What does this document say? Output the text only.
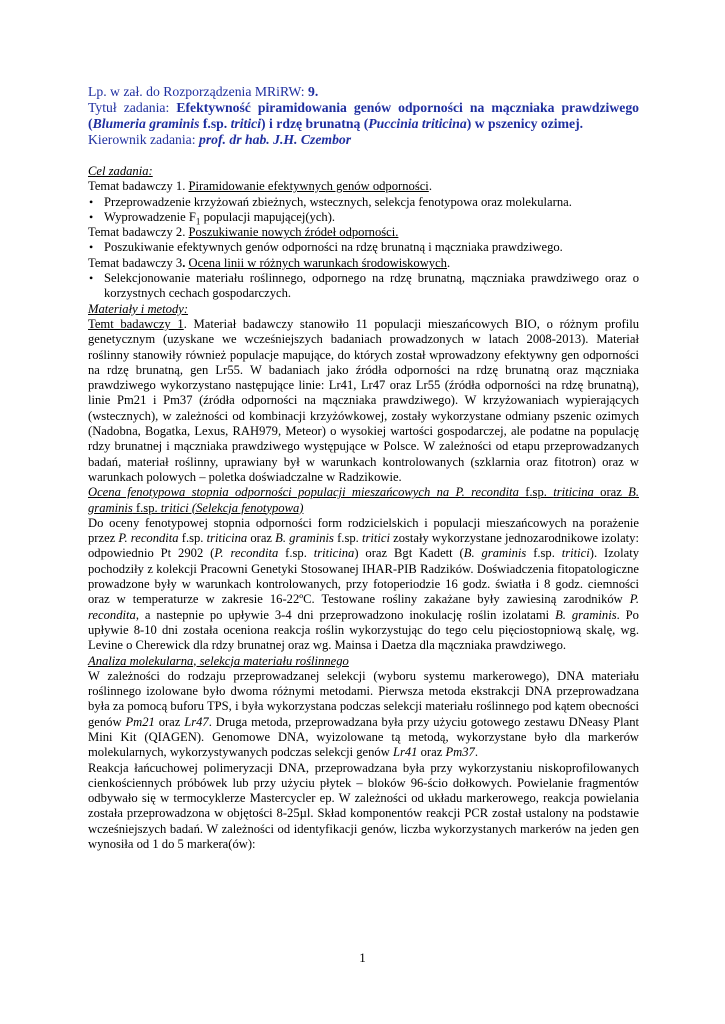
Lp. w zał. do Rozporządzenia MRiRW: 9.

Tytuł zadania: Efektywność piramidowania genów odporności na mączniaka prawdziwego (Blumeria graminis f.sp. tritici) i rdzę brunatną (Puccinia triticina) w pszenicy ozimej.

Kierownik zadania: prof. dr hab. J.H. Czembor

Cel zadania:

Temat badawczy 1. Piramidowanie efektywnych genów odporności.

• Przeprowadzenie krzyżowań zbieżnych, wstecznych, selekcja fenotypowa oraz molekularna.
• Wyprowadzenie $F_1$ populacji mapującej(ych).

Temat badawczy 2. Poszukiwanie nowych źródeł odporności.

• Poszukiwanie efektywnych genów odporności na rdzę brunatną i mączniaka prawdziwego.

Temat badawczy 3. Ocena linii w różnych warunkach środowiskowych.

• Selekcjonowanie materiału roślinnego, odpornego na rdzę brunatną, mączniaka prawdziwego oraz o korzystnych cechach gospodarczych.

Materiały i metody:

Temt badawczy 1. Materiał badawczy stanowiło 11 populacji mieszańcowych BIO, o różnym profilu genetycznym (uzyskane we wcześniejszych badaniach prowadzonych w latach 2008-2013). Materiał roślinny stanowiły również populacje mapujące, do których został wprowadzony efektywny gen odporności na rdzę brunatną, gen Lr55. W badaniach jako źródła odporności na rdzę brunatną oraz mączniaka prawdziwego wykorzystano następujące linie: Lr41, Lr47 oraz Lr55 (źródła odporności na rdzę brunatną), linie Pm21 i Pm37 (źródła odporności na mączniaka prawdziwego). W krzyżowaniach wypierających (wstecznych), w zależności od kombinacji krzyżówkowej, zostały wykorzystane odmiany pszenic ozimych (Nadobna, Bogatka, Lexus, RAH979, Meteor) o wysokiej wartości gospodarczej, ale podatne na populację rdzy brunatnej i mączniaka prawdziwego występujące w Polsce. W zależności od etapu przeprowadzanych badań, materiał roślinny, uprawiany był w warunkach kontrolowanych (szklarnia oraz fitotron) oraz w warunkach polowych – poletka doświadczalne w Radzikowie.

Ocena fenotypowa stopnia odporności populacji mieszańcowych na P. recondita f.sp. triticina oraz B. graminis f.sp. tritici (Selekcja fenotypowa)

Do oceny fenotypowej stopnia odporności form rodzicielskich i populacji mieszańcowych na porażenie przez P. recondita f.sp. triticina oraz B. graminis f.sp. tritici zostały wykorzystane jednozarodnikowe izolaty: odpowiednio Pt 2902 (P. recondita f.sp. triticina) oraz Bgt Kadett (B. graminis f.sp. tritici). Izolaty pochodziły z kolekcji Pracowni Genetyki Stosowanej IHAR-PIB Radzików. Doświadczenia fitopatologiczne prowadzone były w warunkach kontrolowanych, przy fotoperiodzie 16 godz. światła i 8 godz. ciemności oraz w temperaturze w zakresie 16-22ºC. Testowane rośliny zakażane były zawiesiną zarodników P. recondita, a nastepnie po upływie 3-4 dni przeprowadzono inokulację roślin izolatami B. graminis. Po upływie 8-10 dni została oceniona reakcja roślin wykorzystując do tego celu pięciostopniową skalę, wg. Levine o Cherewick dla rdzy brunatnej oraz wg. Mainsa i Daetza dla mączniaka prawdziwego.

Analiza molekularna, selekcja materiału roślinnego

W zależności do rodzaju przeprowadzanej selekcji (wyboru systemu markerowego), DNA materiału roślinnego izolowane było dwoma różnymi metodami. Pierwsza metoda ekstrakcji DNA przeprowadzana była za pomocą buforu TPS, i była wykorzystana podczas selekcji materiału roślinnego pod kątem obecności genów Pm21 oraz Lr47. Druga metoda, przeprowadzana była przy użyciu gotowego zestawu DNeasy Plant Mini Kit (QIAGEN). Genomowe DNA, wyizolowane tą metodą, wykorzystane było dla markerów molekularnych, wykorzystywanych podczas selekcji genów Lr41 oraz Pm37.

Reakcja łańcuchowej polimeryzacji DNA, przeprowadzana była przy wykorzystaniu niskoprofilowanych cienkościennych próbówek lub przy użyciu płytek – bloków 96-ścio dołkowych. Powielanie fragmentów odbywało się w termocyklerze Mastercycler ep. W zależności od układu markerowego, reakcja powielania została przeprowadzona w objętości 8-25µl. Skład komponentów reakcji PCR został ustalony na podstawie wcześniejszych badań. W zależności od identyfikacji genów, liczba wykorzystanych markerów na jeden gen wynosiła od 1 do 5 markera(ów):

1
